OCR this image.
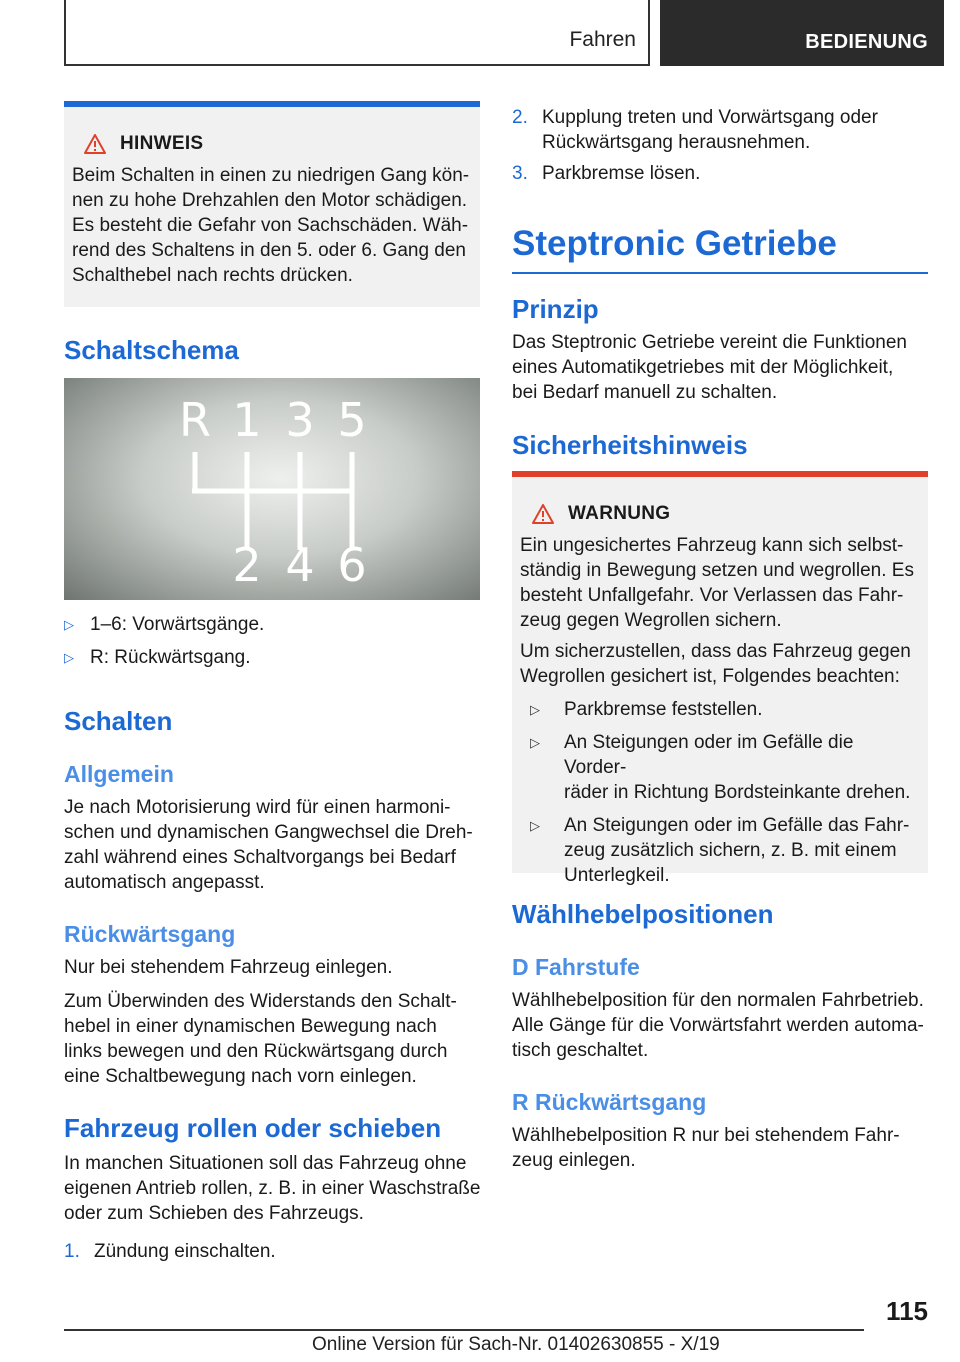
Fahren	BEDIENUNG
HINWEIS

Beim Schalten in einen zu niedrigen Gang kön-
nen zu hohe Drehzahlen den Motor schädigen.
Es besteht die Gefahr von Sachschäden. Wäh-
rend des Schaltens in den 5. oder 6. Gang den
Schalthebel nach rechts drücken.

Schaltschema
R 1 3 5
2 4 6
▷ 1–6: Vorwärtsgänge.
▷ R: Rückwärtsgang.
Schalten
Allgemein

Je nach Motorisierung wird für einen harmoni-
schen und dynamischen Gangwechsel die Dreh-
zahl während eines Schaltvorgangs bei Bedarf
automatisch angepasst.

Rückwärtsgang

Nur bei stehendem Fahrzeug einlegen.

Zum Überwinden des Widerstands den Schalt-
hebel in einer dynamischen Bewegung nach
links bewegen und den Rückwärtsgang durch
eine Schaltbewegung nach vorn einlegen.

Fahrzeug rollen oder schieben

In manchen Situationen soll das Fahrzeug ohne
eigenen Antrieb rollen, z. B. in einer Waschstraße
oder zum Schieben des Fahrzeugs.

1. Zündung einschalten.
2. Kupplung treten und Vorwärtsgang oder
Rückwärtsgang herausnehmen.
3. Parkbremse lösen.
Steptronic Getriebe
Prinzip

Das Steptronic Getriebe vereint die Funktionen
eines Automatikgetriebes mit der Möglichkeit,
bei Bedarf manuell zu schalten.

Sicherheitshinweis
WARNUNG

Ein ungesichertes Fahrzeug kann sich selbst-
ständig in Bewegung setzen und wegrollen. Es
besteht Unfallgefahr. Vor Verlassen das Fahr-
zeug gegen Wegrollen sichern.

Um sicherzustellen, dass das Fahrzeug gegen
Wegrollen gesichert ist, Folgendes beachten:

▷	Parkbremse feststellen.
▷	An Steigungen oder im Gefälle die Vorder-
räder in Richtung Bordsteinkante drehen.
▷	An Steigungen oder im Gefälle das Fahr-
zeug zusätzlich sichern, z. B. mit einem
Unterlegkeil.
Wählhebelpositionen
D Fahrstufe

Wählhebelposition für den normalen Fahrbetrieb.
Alle Gänge für die Vorwärtsfahrt werden automa-
tisch geschaltet.

R Rückwärtsgang

Wählhebelposition R nur bei stehendem Fahr-
zeug einlegen.

115
Online Version für Sach-Nr. 01402630855 - X/19
